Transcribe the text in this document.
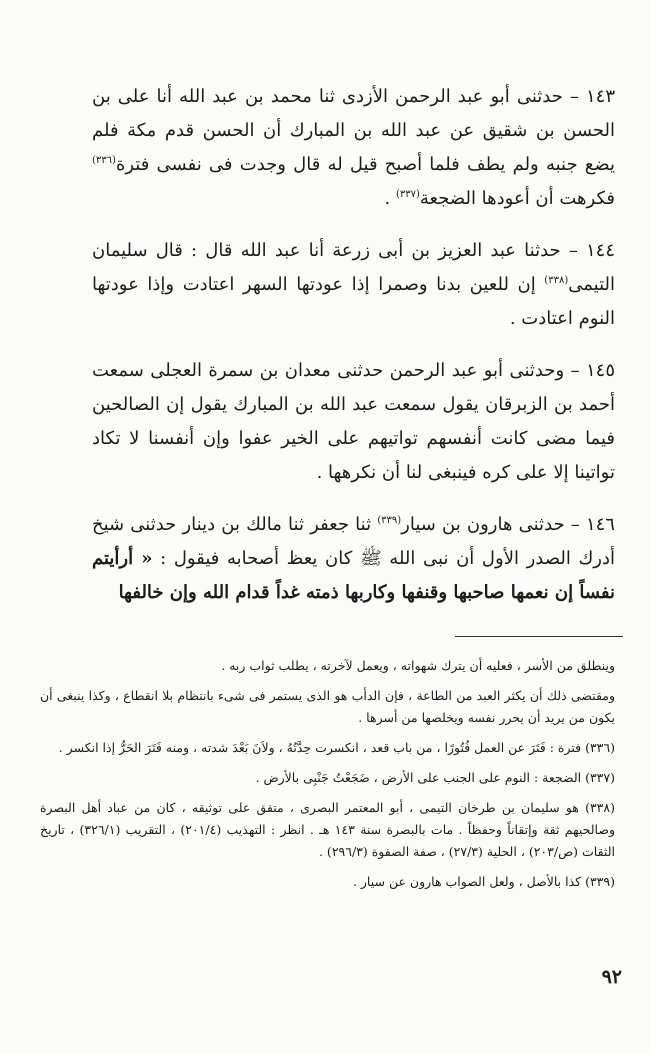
١٤٣ – حدثنى أبو عبد الرحمن الأزدى ثنا محمد بن عبد الله أنا على بن الحسن بن شقيق عن عبد الله بن المبارك أن الحسن قدم مكة فلم يضع جنبه ولم يطف فلما أصبح قيل له قال وجدت فى نفسى فترة$^{(٣٣٦)}$ فكرهت أن أعودها الضجعة$^{(٣٣٧)}$ .

١٤٤ – حدثنا عبد العزيز بن أبى زرعة أنا عبد الله قال : قال سليمان التيمى$^{(٣٣٨)}$ إن للعين بدنا وصمرا إذا عودتها السهر اعتادت وإذا عودتها النوم اعتادت .

١٤٥ – وحدثنى أبو عبد الرحمن حدثنى معدان بن سمرة العجلى سمعت أحمد بن الزبرقان يقول سمعت عبد الله بن المبارك يقول إن الصالحين فيما مضى كانت أنفسهم تواتيهم على الخير عفوا وإن أنفسنا لا تكاد تواتينا إلا على كره فينبغى لنا أن نكرهها .

١٤٦ – حدثنى هارون بن سيار$^{(٣٣٩)}$ ثنا جعفر ثنا مالك بن دينار حدثنى شيخ أدرك الصدر الأول أن نبى الله ﷺ كان يعظ أصحابه فيقول : « أرأيتم نفساً إن نعمها صاحبها وقنفها وكاربها ذمته غداً قدام الله وإن خالفها

وينطلق من الأسر ، فعليه أن يترك شهواته ، ويعمل لآخرته ، يطلب ثواب ربه .

ومقتضى ذلك أن يكثر العبد من الطاعة ، فإن الدأب هو الذى يستمر فى شىء بانتظام بلا انقطاع ، وكذا ينبغى أن يكون من يريد أن يحرر نفسه ويخلصها من أسرها .

(٣٣٦) فترة : فَتَرَ عن العمل فُتُورًا ، من باب قعد ، انكسرت حِدَّتُهُ ، ولاَنَ بَعْدَ شدته ، ومنه فَتَرَ الحَرُّ إذا انكسر .

(٣٣٧) الضجعة : النوم على الجنب على الأرض ، ضَجَعْتُ جَنْبِى بالأرض .

(٣٣٨) هو سليمان بن طرخان التيمى ، أبو المعتمر البصرى ، متفق على توثيقه ، كان من عباد أهل البصرة وصالحيهم ثقة وإتقاناً وحفظاً . مات بالبصرة سنة ١٤٣ هـ . انظر : التهذيب (٢٠١/٤) ، التقريب (٣٢٦/١) ، تاريخ الثقات (ص/٢٠٣) ، الحلية (٢٧/٣) ، صفة الصفوة (٢٩٦/٣) .

(٣٣٩) كذا بالأصل ، ولعل الصواب هارون عن سيار .

٩٢
